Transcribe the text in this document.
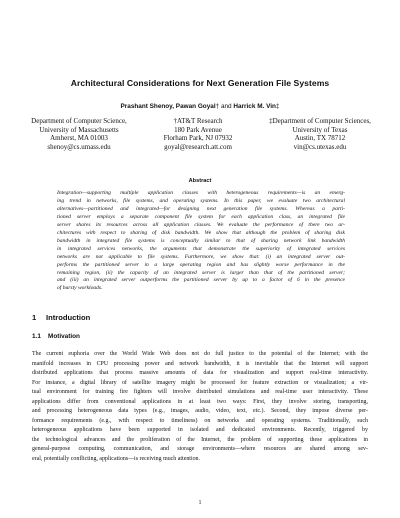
Architectural Considerations for Next Generation File Systems
Prashant Shenoy, Pawan Goyal† and Harrick M. Vin‡
Department of Computer Science,
University of Massachusetts
Amherst, MA 01003
shenoy@cs.umass.edu
†AT&T Research
180 Park Avenue
Florham Park, NJ 07932
goyal@research.att.com
‡Department of Computer Sciences,
University of Texas
Austin, TX 78712
vin@cs.utexas.edu
Abstract
Integration—supporting multiple application classes with heterogeneous requirements—is an emerg-
ing trend in networks, file systems, and operating systems. In this paper, we evaluate two architectural
alternatives—partitioned and integrated—for designing next generation file systems. Whereas a parti-
tioned server employs a separate component file system for each application class, an integrated file
server shares its resources across all application classes. We evaluate the performance of there two ar-
chitectures with respect to sharing of disk bandwidth. We show that although the problem of sharing disk
bandwidth in integrated file systems is conceptually similar to that of sharing network link bandwidth
in integrated services networks, the arguments that demonstrate the superiority of integrated services
networks are not applicable to file systems. Furthermore, we show that: (i) an integrated server out-
performs the partitioned server in a large operating region and has slightly worse performance in the
remaining region, (ii) the capacity of an integrated server is larger than that of the partitioned server;
and (iii) an integrated server outperforms the partitioned server by up to a factor of 6 in the presence
of bursty workloads.
1 Introduction
1.1 Motivation
The current euphoria over the World Wide Web does not do full justice to the potential of the Internet; with the
manifold increases in CPU processing power and network bandwidth, it is inevitable that the Internet will support
distributed applications that process massive amounts of data for visualization and support real-time interactivity.
For instance, a digital library of satellite imagery might be processed for feature extraction or visualization; a vir-
tual environment for training fire fighters will involve distributed simulations and real-time user interactivity. These
applications differ from conventional applications in at least two ways: First, they involve storing, transporting,
and processing heterogeneous data types (e.g., images, audio, video, text, etc.). Second, they impose diverse per-
formance requirements (e.g., with respect to timeliness) on networks and operating systems. Traditionally, such
heterogeneous applications have been supported in isolated and dedicated environments. Recently, triggered by
the technological advances and the proliferation of the Internet, the problem of supporting these applications in
general-purpose computing, communication, and storage environments—where resources are shared among sev-
eral, potentially conflicting, applications—is receiving much attention.
1
